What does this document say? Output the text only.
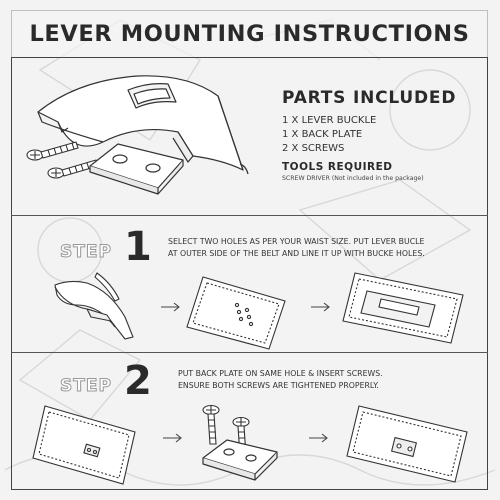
LEVER MOUNTING INSTRUCTIONS
PARTS INCLUDED
1 X LEVER BUCKLE
1 X BACK PLATE
2 X SCREWS
TOOLS REQUIRED
SCREW DRIVER (Not included in the package)
STEP 1 SELECT TWO HOLES AS PER YOUR WAIST SIZE. PUT LEVER BUCLE
AT OUTER SIDE OF THE BELT AND LINE IT UP WITH BUCKE HOLES.
STEP 2	PUT BACK PLATE ON SAME HOLE & INSERT SCREWS.
ENSURE BOTH SCREWS ARE TIGHTENED PROPERLY.
